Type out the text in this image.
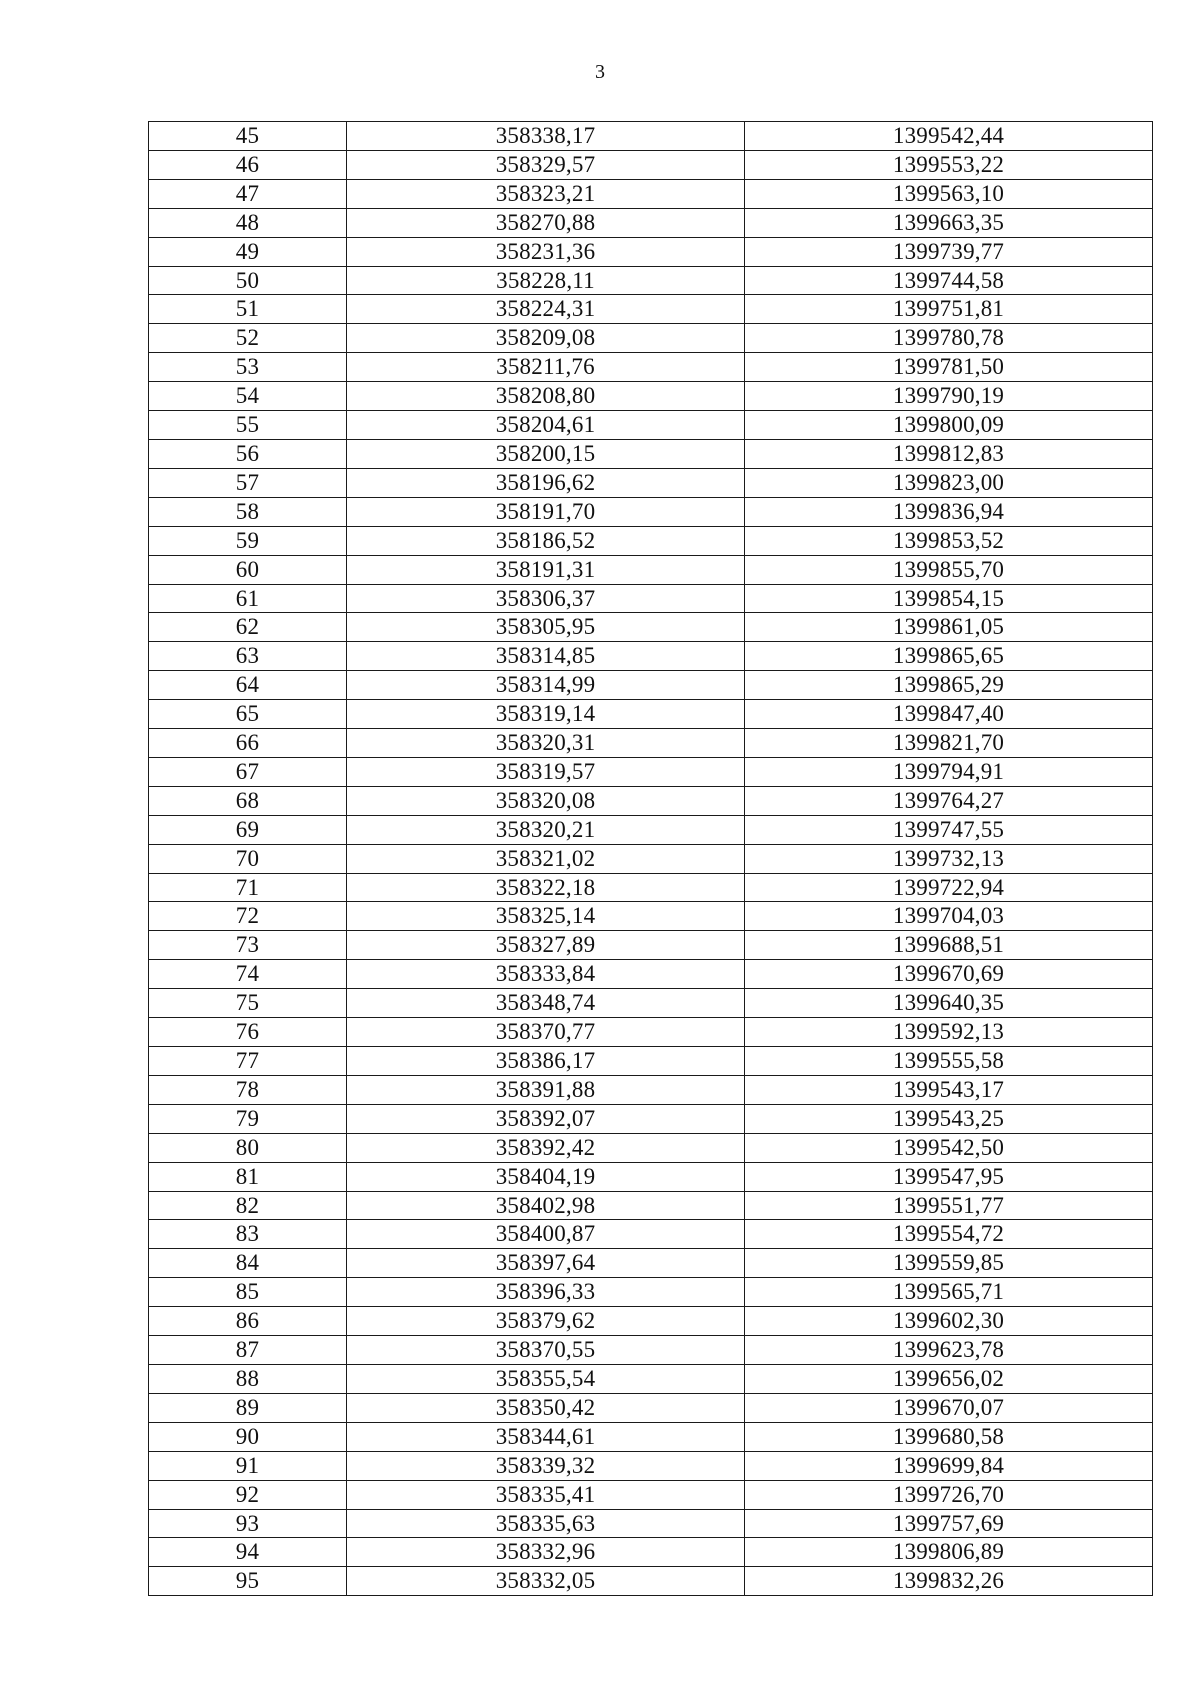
3
45	358338,17	1399542,44
46	358329,57	1399553,22
47	358323,21	1399563,10
48	358270,88	1399663,35
49	358231,36	1399739,77
50	358228,11	1399744,58
51	358224,31	1399751,81
52	358209,08	1399780,78
53	358211,76	1399781,50
54	358208,80	1399790,19
55	358204,61	1399800,09
56	358200,15	1399812,83
57	358196,62	1399823,00
58	358191,70	1399836,94
59	358186,52	1399853,52
60	358191,31	1399855,70
61	358306,37	1399854,15
62	358305,95	1399861,05
63	358314,85	1399865,65
64	358314,99	1399865,29
65	358319,14	1399847,40
66	358320,31	1399821,70
67	358319,57	1399794,91
68	358320,08	1399764,27
69	358320,21	1399747,55
70	358321,02	1399732,13
71	358322,18	1399722,94
72	358325,14	1399704,03
73	358327,89	1399688,51
74	358333,84	1399670,69
75	358348,74	1399640,35
76	358370,77	1399592,13
77	358386,17	1399555,58
78	358391,88	1399543,17
79	358392,07	1399543,25
80	358392,42	1399542,50
81	358404,19	1399547,95
82	358402,98	1399551,77
83	358400,87	1399554,72
84	358397,64	1399559,85
85	358396,33	1399565,71
86	358379,62	1399602,30
87	358370,55	1399623,78
88	358355,54	1399656,02
89	358350,42	1399670,07
90	358344,61	1399680,58
91	358339,32	1399699,84
92	358335,41	1399726,70
93	358335,63	1399757,69
94	358332,96	1399806,89
95	358332,05	1399832,26
